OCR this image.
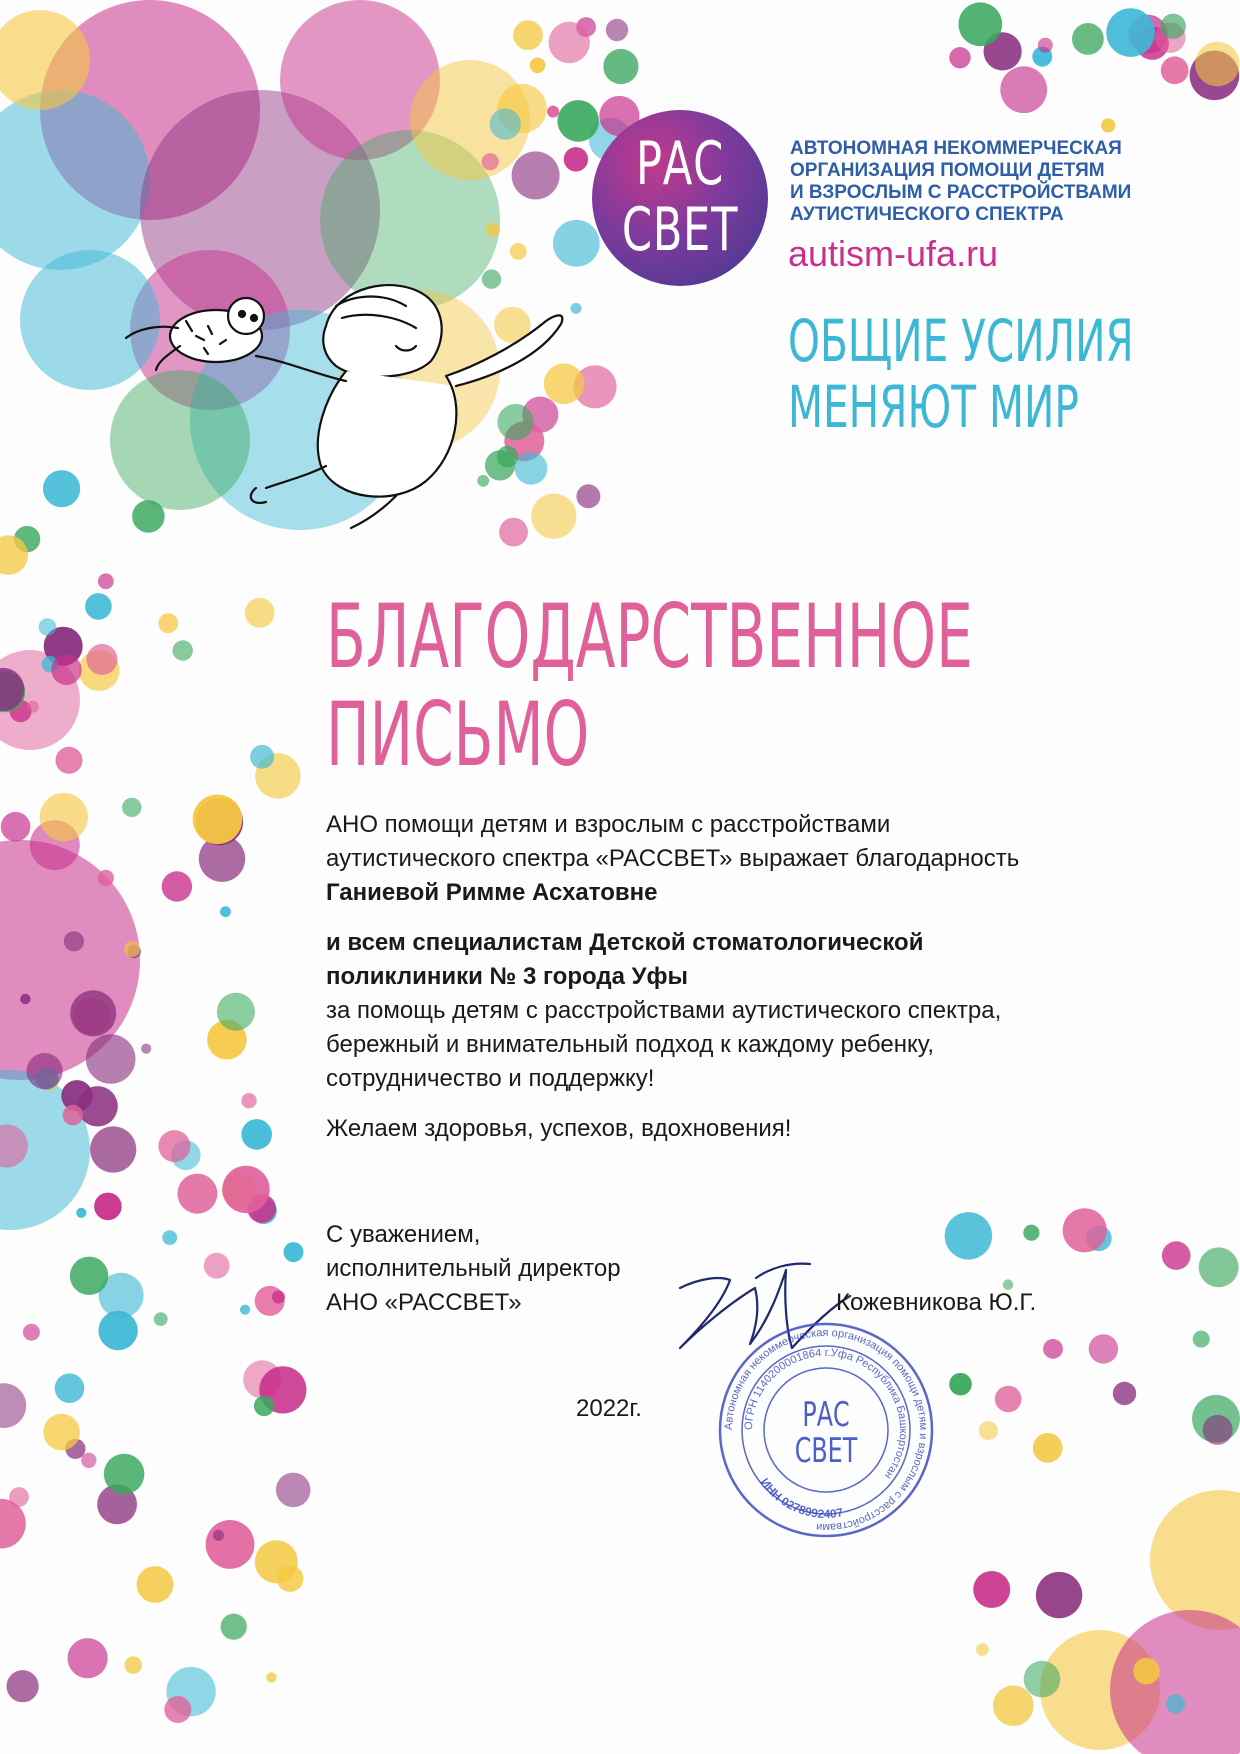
РАС
СВЕТ
АВТОНОМНАЯ НЕКОММЕРЧЕСКАЯ
ОРГАНИЗАЦИЯ ПОМОЩИ ДЕТЯМ
И ВЗРОСЛЫМ С РАССТРОЙСТВАМИ
АУТИСТИЧЕСКОГО СПЕКТРА
autism-ufa.ru
ОБЩИЕ УСИЛИЯ
МЕНЯЮТ МИР
БЛАГОДАРСТВЕННОЕ
ПИСЬМО

АНО помощи детям и взрослым с расстройствами

аутистического спектра «РАССВЕТ» выражает благодарность

Ганиевой Римме Асхатовне

и всем специалистам Детской стоматологической

поликлиники № 3 города Уфы

за помощь детям с расстройствами аутистического спектра,

бережный и внимательный подход к каждому ребенку,

сотрудничество и поддержку!

Желаем здоровья, успехов, вдохновения!

С уважением,
исполнительный директор
АНО «РАССВЕТ»	Кожевникова Ю.Г.
2022г.
Автономная некоммерческая организация помощи детям и взрослым с расстройствами
ОГРН 1140200001864 г.Уфа Республика Башкортостан
ИНН 0278992407
РАС
СВЕТ
